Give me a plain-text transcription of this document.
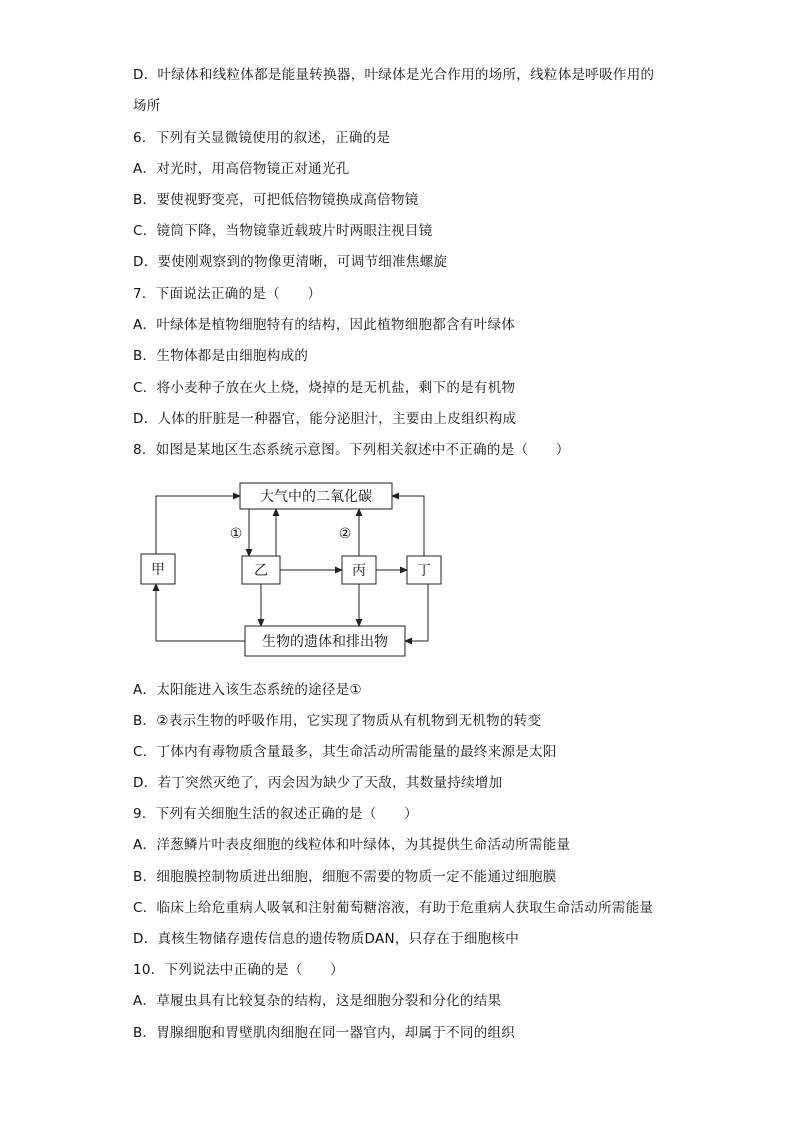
D．叶绿体和线粒体都是能量转换器，叶绿体是光合作用的场所，线粒体是呼吸作用的
场所
6．下列有关显微镜使用的叙述，正确的是
A．对光时，用高倍物镜正对通光孔
B．要使视野变亮，可把低倍物镜换成高倍物镜
C．镜筒下降，当物镜靠近载玻片时两眼注视目镜
D．要使刚观察到的物像更清晰，可调节细准焦螺旋
7．下面说法正确的是（　　）
A．叶绿体是植物细胞特有的结构，因此植物细胞都含有叶绿体
B．生物体都是由细胞构成的
C．将小麦种子放在火上烧，烧掉的是无机盐，剩下的是有机物
D．人体的肝脏是一种器官，能分泌胆汁，主要由上皮组织构成
8．如图是某地区生态系统示意图。下列相关叙述中不正确的是（　　）
大气中的二氧化碳
甲	乙	丙	丁
生物的遗体和排出物
①	②
A．太阳能进入该生态系统的途径是①
B．②表示生物的呼吸作用，它实现了物质从有机物到无机物的转变
C．丁体内有毒物质含量最多，其生命活动所需能量的最终来源是太阳
D．若丁突然灭绝了，丙会因为缺少了天敌，其数量持续增加
9．下列有关细胞生活的叙述正确的是（　　）
A．洋葱鳞片叶表皮细胞的线粒体和叶绿体，为其提供生命活动所需能量
B．细胞膜控制物质进出细胞，细胞不需要的物质一定不能通过细胞膜
C．临床上给危重病人吸氧和注射葡萄糖溶液，有助于危重病人获取生命活动所需能量
D．真核生物储存遗传信息的遗传物质DAN，只存在于细胞核中
10．下列说法中正确的是（　　）
A．草履虫具有比较复杂的结构，这是细胞分裂和分化的结果
B．胃腺细胞和胃壁肌肉细胞在同一器官内，却属于不同的组织
